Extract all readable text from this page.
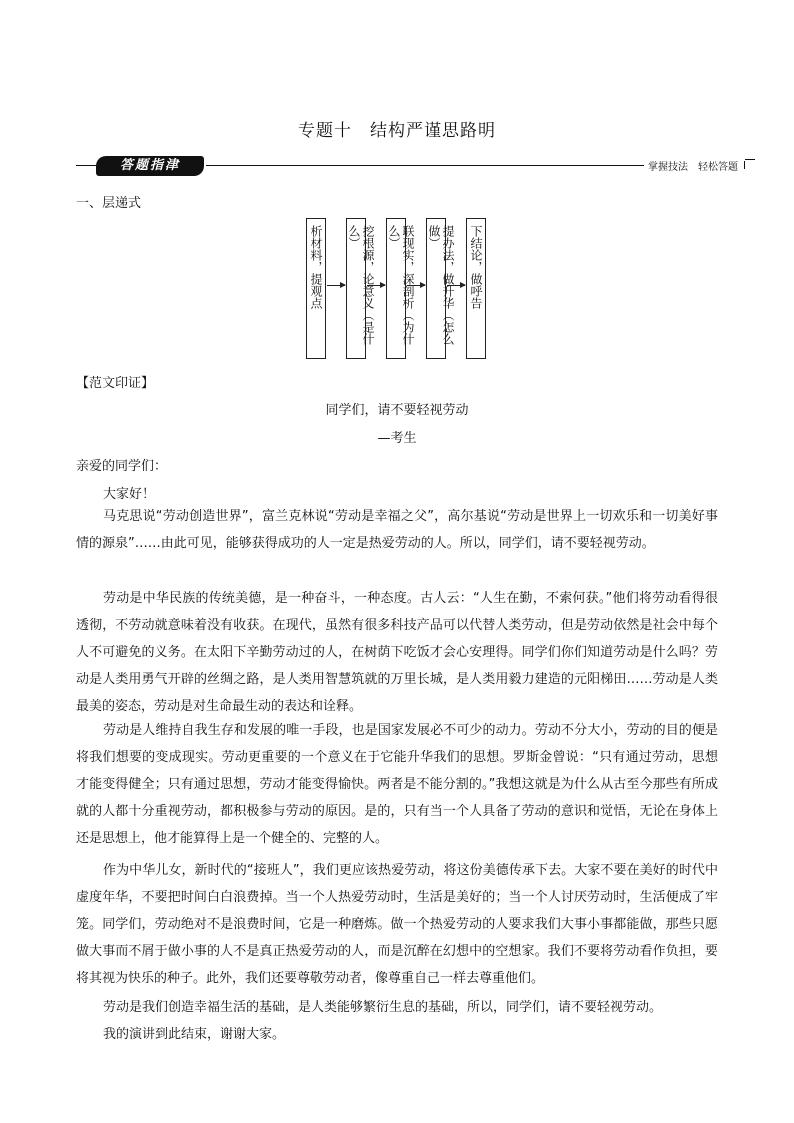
专题十　结构严谨思路明
答题指津	掌握技法　轻松答题
一、层递式
析材料，提观点	挖根源，论意义（是什么）	联现实，深剖析（为什么）	提办法，做升华（怎么做）	下结论，做呼告
【范文印证】
同学们，请不要轻视劳动
—考生
亲爱的同学们：
大家好！

马克思说“劳动创造世界”，富兰克林说“劳动是幸福之父”，高尔基说“劳动是世界上一切欢乐和一切美好事情的源泉”……由此可见，能够获得成功的人一定是热爱劳动的人。所以，同学们，请不要轻视劳动。

劳动是中华民族的传统美德，是一种奋斗，一种态度。古人云：“人生在勤，不索何获。”他们将劳动看得很透彻，不劳动就意味着没有收获。在现代，虽然有很多科技产品可以代替人类劳动，但是劳动依然是社会中每个人不可避免的义务。在太阳下辛勤劳动过的人，在树荫下吃饭才会心安理得。同学们你们知道劳动是什么吗？劳动是人类用勇气开辟的丝绸之路，是人类用智慧筑就的万里长城，是人类用毅力建造的元阳梯田……劳动是人类最美的姿态，劳动是对生命最生动的表达和诠释。

劳动是人维持自我生存和发展的唯一手段，也是国家发展必不可少的动力。劳动不分大小，劳动的目的便是将我们想要的变成现实。劳动更重要的一个意义在于它能升华我们的思想。罗斯金曾说：“只有通过劳动，思想才能变得健全；只有通过思想，劳动才能变得愉快。两者是不能分割的。”我想这就是为什么从古至今那些有所成就的人都十分重视劳动，都积极参与劳动的原因。是的，只有当一个人具备了劳动的意识和觉悟，无论在身体上还是思想上，他才能算得上是一个健全的、完整的人。

作为中华儿女，新时代的“接班人”，我们更应该热爱劳动，将这份美德传承下去。大家不要在美好的时代中虚度年华，不要把时间白白浪费掉。当一个人热爱劳动时，生活是美好的；当一个人讨厌劳动时，生活便成了牢笼。同学们，劳动绝对不是浪费时间，它是一种磨炼。做一个热爱劳动的人要求我们大事小事都能做，那些只愿做大事而不屑于做小事的人不是真正热爱劳动的人，而是沉醉在幻想中的空想家。我们不要将劳动看作负担，要将其视为快乐的种子。此外，我们还要尊敬劳动者，像尊重自己一样去尊重他们。

劳动是我们创造幸福生活的基础，是人类能够繁衍生息的基础，所以，同学们，请不要轻视劳动。

我的演讲到此结束，谢谢大家。
